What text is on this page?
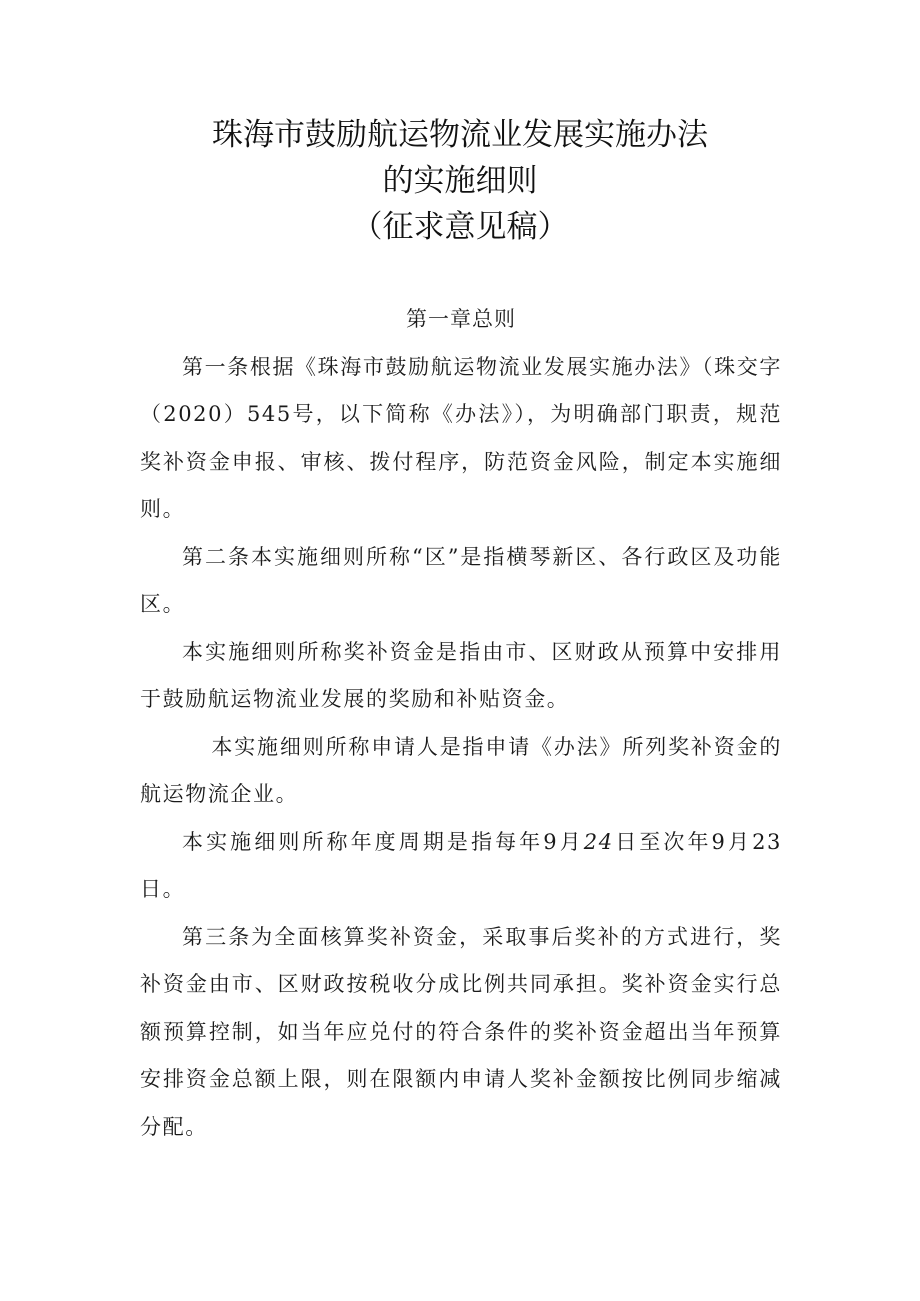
珠海市鼓励航运物流业发展实施办法
的实施细则
（征求意见稿）
第一章总则

第一条根据《珠海市鼓励航运物流业发展实施办法》（珠交字（2020）545号，以下简称《办法》），为明确部门职责，规范奖补资金申报、审核、拨付程序，防范资金风险，制定本实施细则。

第二条本实施细则所称“区”是指横琴新区、各行政区及功能区。

本实施细则所称奖补资金是指由市、区财政从预算中安排用于鼓励航运物流业发展的奖励和补贴资金。

本实施细则所称申请人是指申请《办法》所列奖补资金的航运物流企业。

本实施细则所称年度周期是指每年9月24日至次年9月23日。

第三条为全面核算奖补资金，采取事后奖补的方式进行，奖补资金由市、区财政按税收分成比例共同承担。奖补资金实行总额预算控制，如当年应兑付的符合条件的奖补资金超出当年预算安排资金总额上限，则在限额内申请人奖补金额按比例同步缩减分配。
